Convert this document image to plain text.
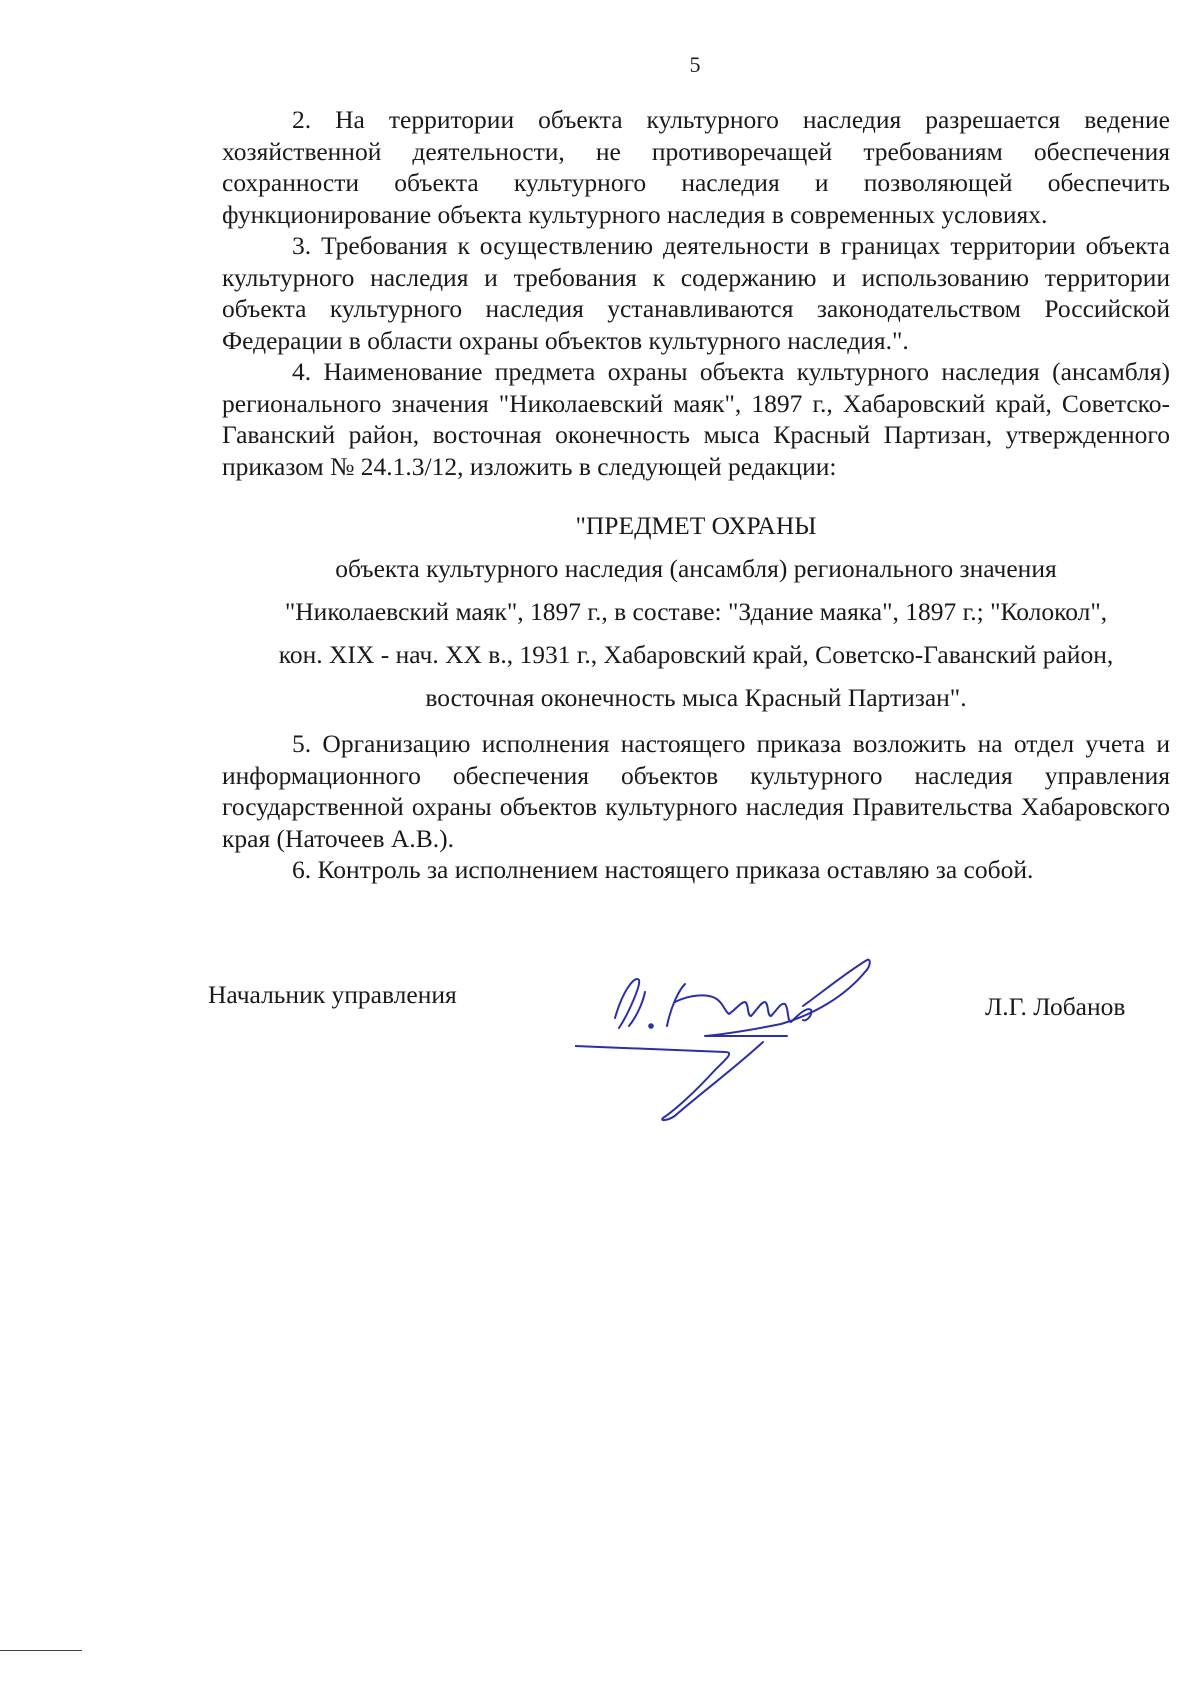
5

2. На территории объекта культурного наследия разрешается ведение хозяйственной деятельности, не противоречащей требованиям обеспечения сохранности объекта культурного наследия и позволяющей обеспечить функционирование объекта культурного наследия в современных условиях.

3. Требования к осуществлению деятельности в границах территории объекта культурного наследия и требования к содержанию и использованию территории объекта культурного наследия устанавливаются законодательством Российской Федерации в области охраны объектов культурного наследия.".

4. Наименование предмета охраны объекта культурного наследия (ансамбля) регионального значения "Николаевский маяк", 1897 г., Хабаровский край, Советско-Гаванский район, восточная оконечность мыса Красный Партизан, утвержденного приказом № 24.1.3/12, изложить в следующей редакции:

"ПРЕДМЕТ ОХРАНЫ
объекта культурного наследия (ансамбля) регионального значения
"Николаевский маяк", 1897 г., в составе: "Здание маяка", 1897 г.; "Колокол",
кон. XIX - нач. XX в., 1931 г., Хабаровский край, Советско-Гаванский район,
восточная оконечность мыса Красный Партизан".

5. Организацию исполнения настоящего приказа возложить на отдел учета и информационного обеспечения объектов культурного наследия управления государственной охраны объектов культурного наследия Правительства Хабаровского края (Наточеев А.В.).

6. Контроль за исполнением настоящего приказа оставляю за собой.

Начальник управления	Л.Г. Лобанов
